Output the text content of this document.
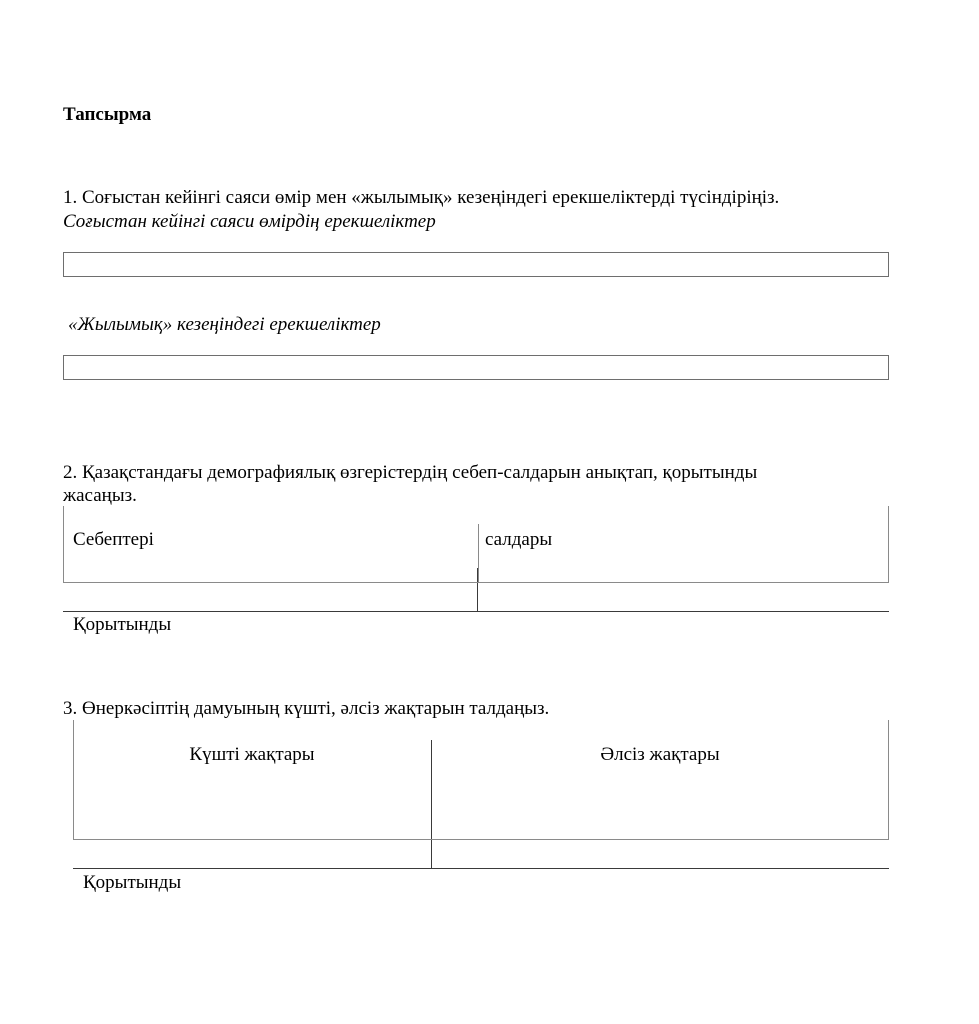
Тапсырма
1. Соғыстан кейінгі саяси өмір мен «жылымық» кезеңіндегі ерекшеліктерді түсіндіріңіз.
Соғыстан кейінгі саяси өмірдің ерекшеліктер
«Жылымық» кезеңіндегі ерекшеліктер
2. Қазақстандағы демографиялық өзгерістердің себеп-салдарын анықтап, қорытынды
жасаңыз.
Себептері	салдары
Қорытынды
3. Өнеркәсіптің дамуының күшті, әлсіз жақтарын талдаңыз.
Күшті жақтары	Әлсіз жақтары
Қорытынды
